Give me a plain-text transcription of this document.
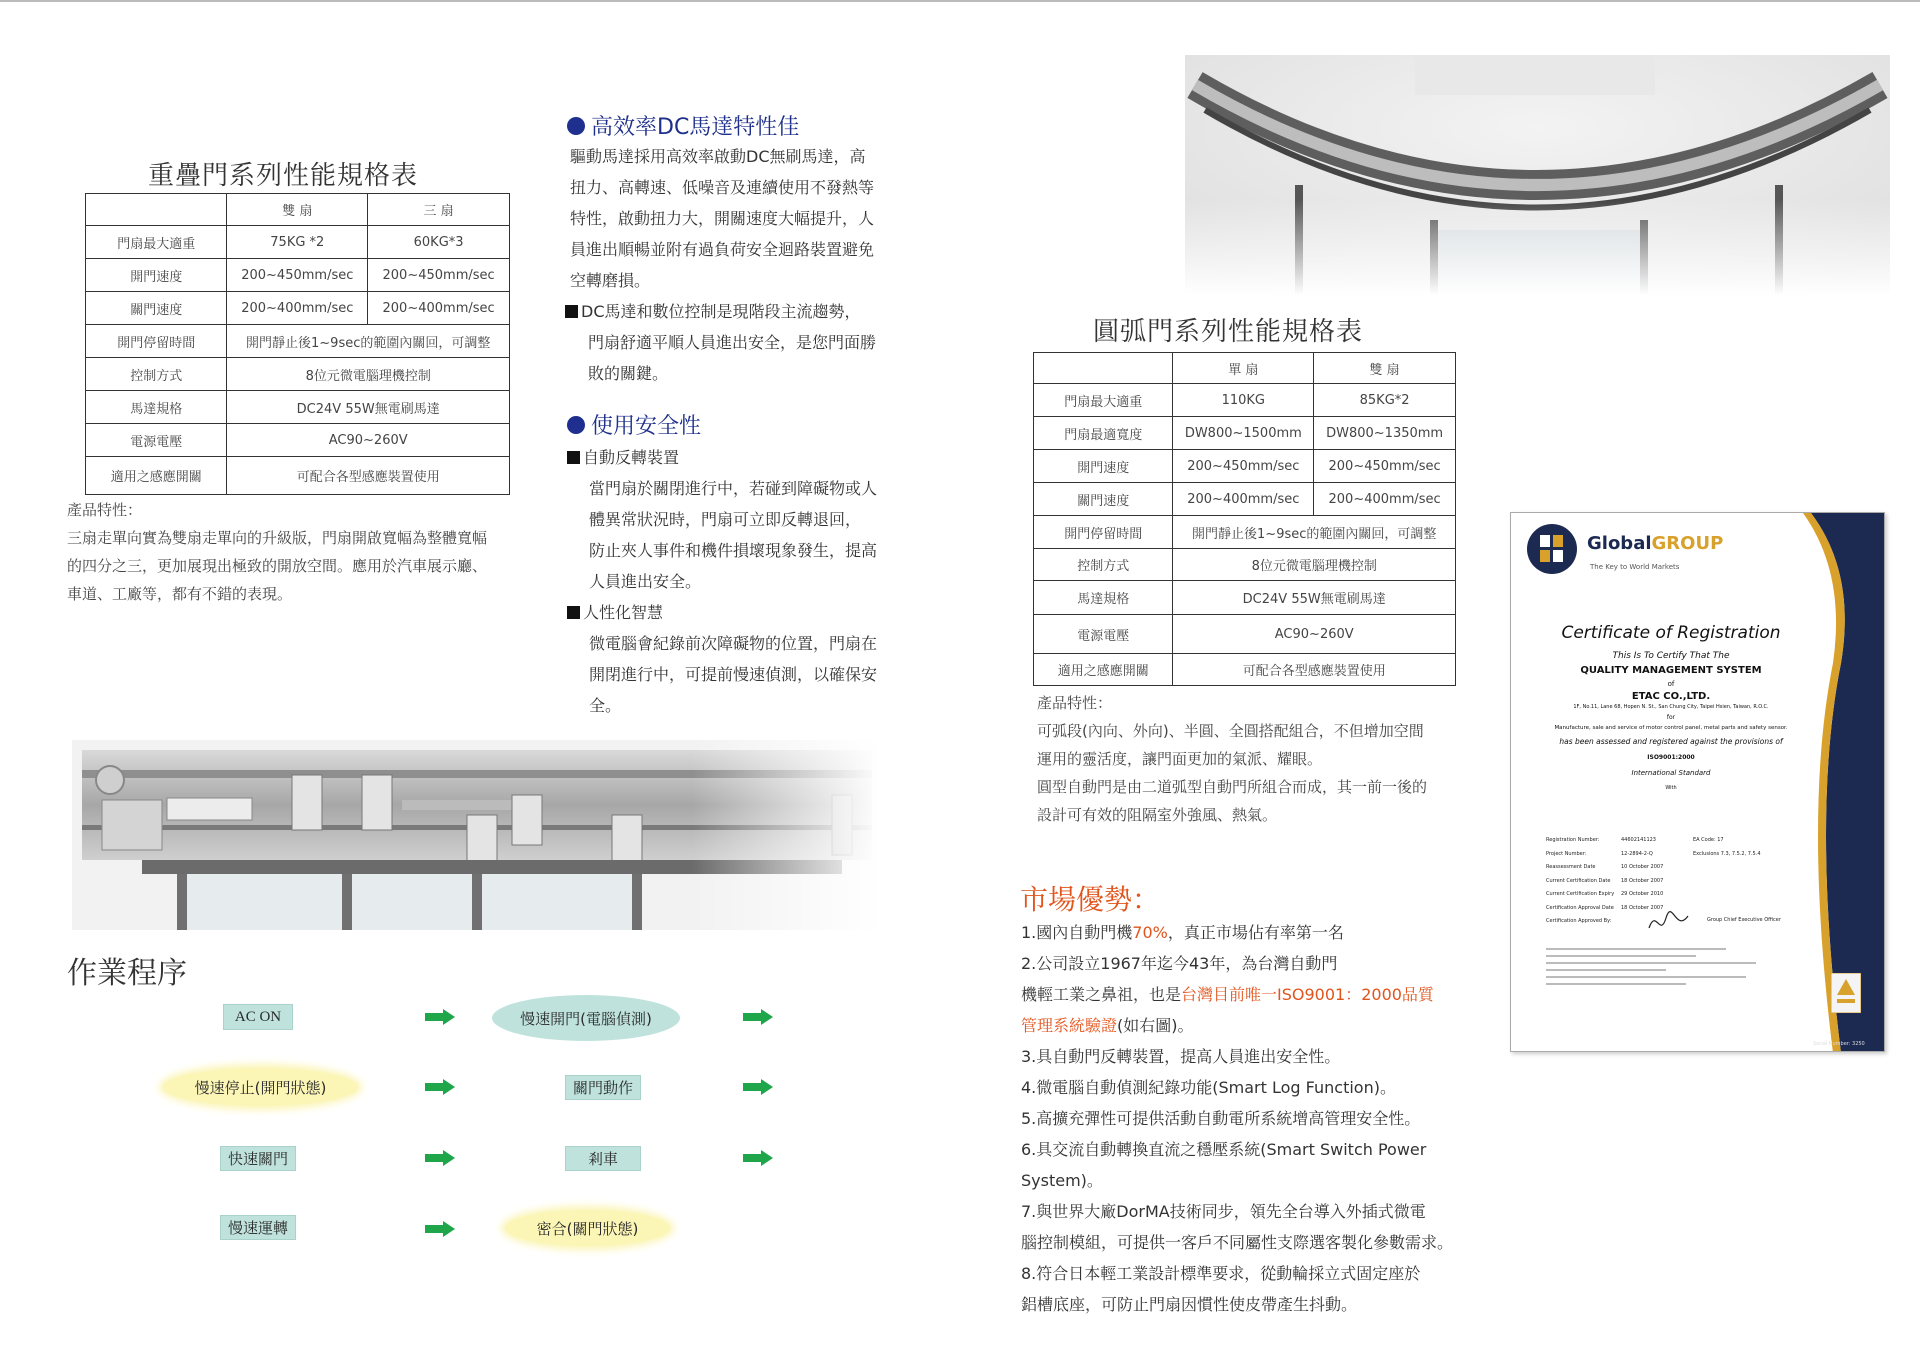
重疊門系列性能規格表
	雙 扇	三 扇
門扇最大適重	75KG *2	60KG*3
開門速度	200~450mm/sec	200~450mm/sec
關門速度	200~400mm/sec	200~400mm/sec
開門停留時間	開門靜止後1~9sec的範圍內關回，可調整	
控制方式	8位元微電腦理機控制	
馬達規格	DC24V 55W無電刷馬達	
電源電壓	AC90~260V	
適用之感應開關	可配合各型感應裝置使用	
產品特性：
三扇走單向實為雙扇走單向的升級版，門扇開啟寬幅為整體寬幅
的四分之三，更加展現出極致的開放空間。應用於汽車展示廳、
車道、工廠等，都有不錯的表現。
高效率DC馬達特性佳
驅動馬達採用高效率啟動DC無刷馬達，高
扭力、高轉速、低噪音及連續使用不發熱等
特性，啟動扭力大，開關速度大幅提升，人
員進出順暢並附有過負荷安全迴路裝置避免
空轉磨損。
DC馬達和數位控制是現階段主流趨勢，
門扇舒適平順人員進出安全，是您門面勝
敗的關鍵。
使用安全性
自動反轉裝置
當門扇於關閉進行中，若碰到障礙物或人
體異常狀況時，門扇可立即反轉退回，
防止夾人事件和機件損壞現象發生，提高
人員進出安全。
人性化智慧
微電腦會紀錄前次障礙物的位置，門扇在
開閉進行中，可提前慢速偵測，以確保安
全。
作業程序
AC ON	慢速開門(電腦偵測)
慢速停止(開門狀態)	關門動作
快速關門	剎車
慢速運轉	密合(關門狀態)
圓弧門系列性能規格表
	單 扇	雙 扇
門扇最大適重	110KG	85KG*2
門扇最適寬度	DW800~1500mm	DW800~1350mm
開門速度	200~450mm/sec	200~450mm/sec
關門速度	200~400mm/sec	200~400mm/sec
開門停留時間	開門靜止後1~9sec的範圍內關回，可調整	
控制方式	8位元微電腦理機控制	
馬達規格	DC24V 55W無電刷馬達	
電源電壓	AC90~260V	
適用之感應開關	可配合各型感應裝置使用	
產品特性：
可弧段(內向、外向)、半圓、全圓搭配組合，不但增加空間
運用的靈活度，讓門面更加的氣派、耀眼。
圓型自動門是由二道弧型自動門所組合而成，其一前一後的
設計可有效的阻隔室外強風、熱氣。
市場優勢：
1.國內自動門機70%，真正市場佔有率第一名
2.公司設立1967年迄今43年，為台灣自動門
機輕工業之鼻祖，也是台灣目前唯一ISO9001：2000品質
管理系統驗證(如右圖)。
3.具自動門反轉裝置，提高人員進出安全性。
4.微電腦自動偵測紀錄功能(Smart Log Function)。
5.高擴充彈性可提供活動自動電所系統增高管理安全性。
6.具交流自動轉換直流之穩壓系統(Smart Switch Power
System)。
7.與世界大廠DorMA技術同步，領先全台導入外插式微電
腦控制模組，可提供一客戶不同屬性支際選客製化參數需求。
8.符合日本輕工業設計標準要求，從動輪採立式固定座於
鋁槽底座，可防止門扇因慣性使皮帶產生抖動。
GlobalGROUP
The Key to World Markets
Certificate of Registration
This Is To Certify That The
QUALITY MANAGEMENT SYSTEM
of
ETAC CO.,LTD.
1F, No.11, Lane 68, Hopen N. St., San Chung City, Taipei Hsien, Taiwan, R.O.C.
for
Manufacture, sale and service of motor control panel, metal parts and safety sensor.
has been assessed and registered against the provisions of
ISO9001:2000
International Standard
With
Registration Number:	44602141123
Project Number:	12-2894-2-Q
Reassessment Date	10 October 2007
Current Certification Date	18 October 2007
Current Certification Expiry	29 October 2010
Certification Approval Date	18 October 2007
Certification Approved By:
EA Code: 17
Exclusions 7.3, 7.5.2, 7.5.4
Group Chief Executive Officer
Serial Number: 3250
